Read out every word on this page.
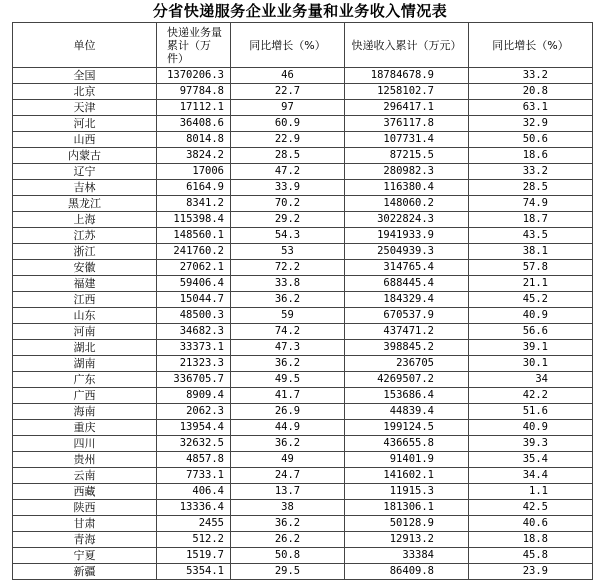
分省快递服务企业业务量和业务收入情况表
单位	快递业务量累计（万件）	同比增长（%）	快递收入累计（万元）	同比增长（%）
全国	1370206.3	46	18784678.9	33.2
北京	97784.8	22.7	1258102.7	20.8
天津	17112.1	97	296417.1	63.1
河北	36408.6	60.9	376117.8	32.9
山西	8014.8	22.9	107731.4	50.6
内蒙古	3824.2	28.5	87215.5	18.6
辽宁	17006	47.2	280982.3	33.2
吉林	6164.9	33.9	116380.4	28.5
黑龙江	8341.2	70.2	148060.2	74.9
上海	115398.4	29.2	3022824.3	18.7
江苏	148560.1	54.3	1941933.9	43.5
浙江	241760.2	53	2504939.3	38.1
安徽	27062.1	72.2	314765.4	57.8
福建	59406.4	33.8	688445.4	21.1
江西	15044.7	36.2	184329.4	45.2
山东	48500.3	59	670537.9	40.9
河南	34682.3	74.2	437471.2	56.6
湖北	33373.1	47.3	398845.2	39.1
湖南	21323.3	36.2	236705	30.1
广东	336705.7	49.5	4269507.2	34
广西	8909.4	41.7	153686.4	42.2
海南	2062.3	26.9	44839.4	51.6
重庆	13954.4	44.9	199124.5	40.9
四川	32632.5	36.2	436655.8	39.3
贵州	4857.8	49	91401.9	35.4
云南	7733.1	24.7	141602.1	34.4
西藏	406.4	13.7	11915.3	1.1
陕西	13336.4	38	181306.1	42.5
甘肃	2455	36.2	50128.9	40.6
青海	512.2	26.2	12913.2	18.8
宁夏	1519.7	50.8	33384	45.8
新疆	5354.1	29.5	86409.8	23.9
